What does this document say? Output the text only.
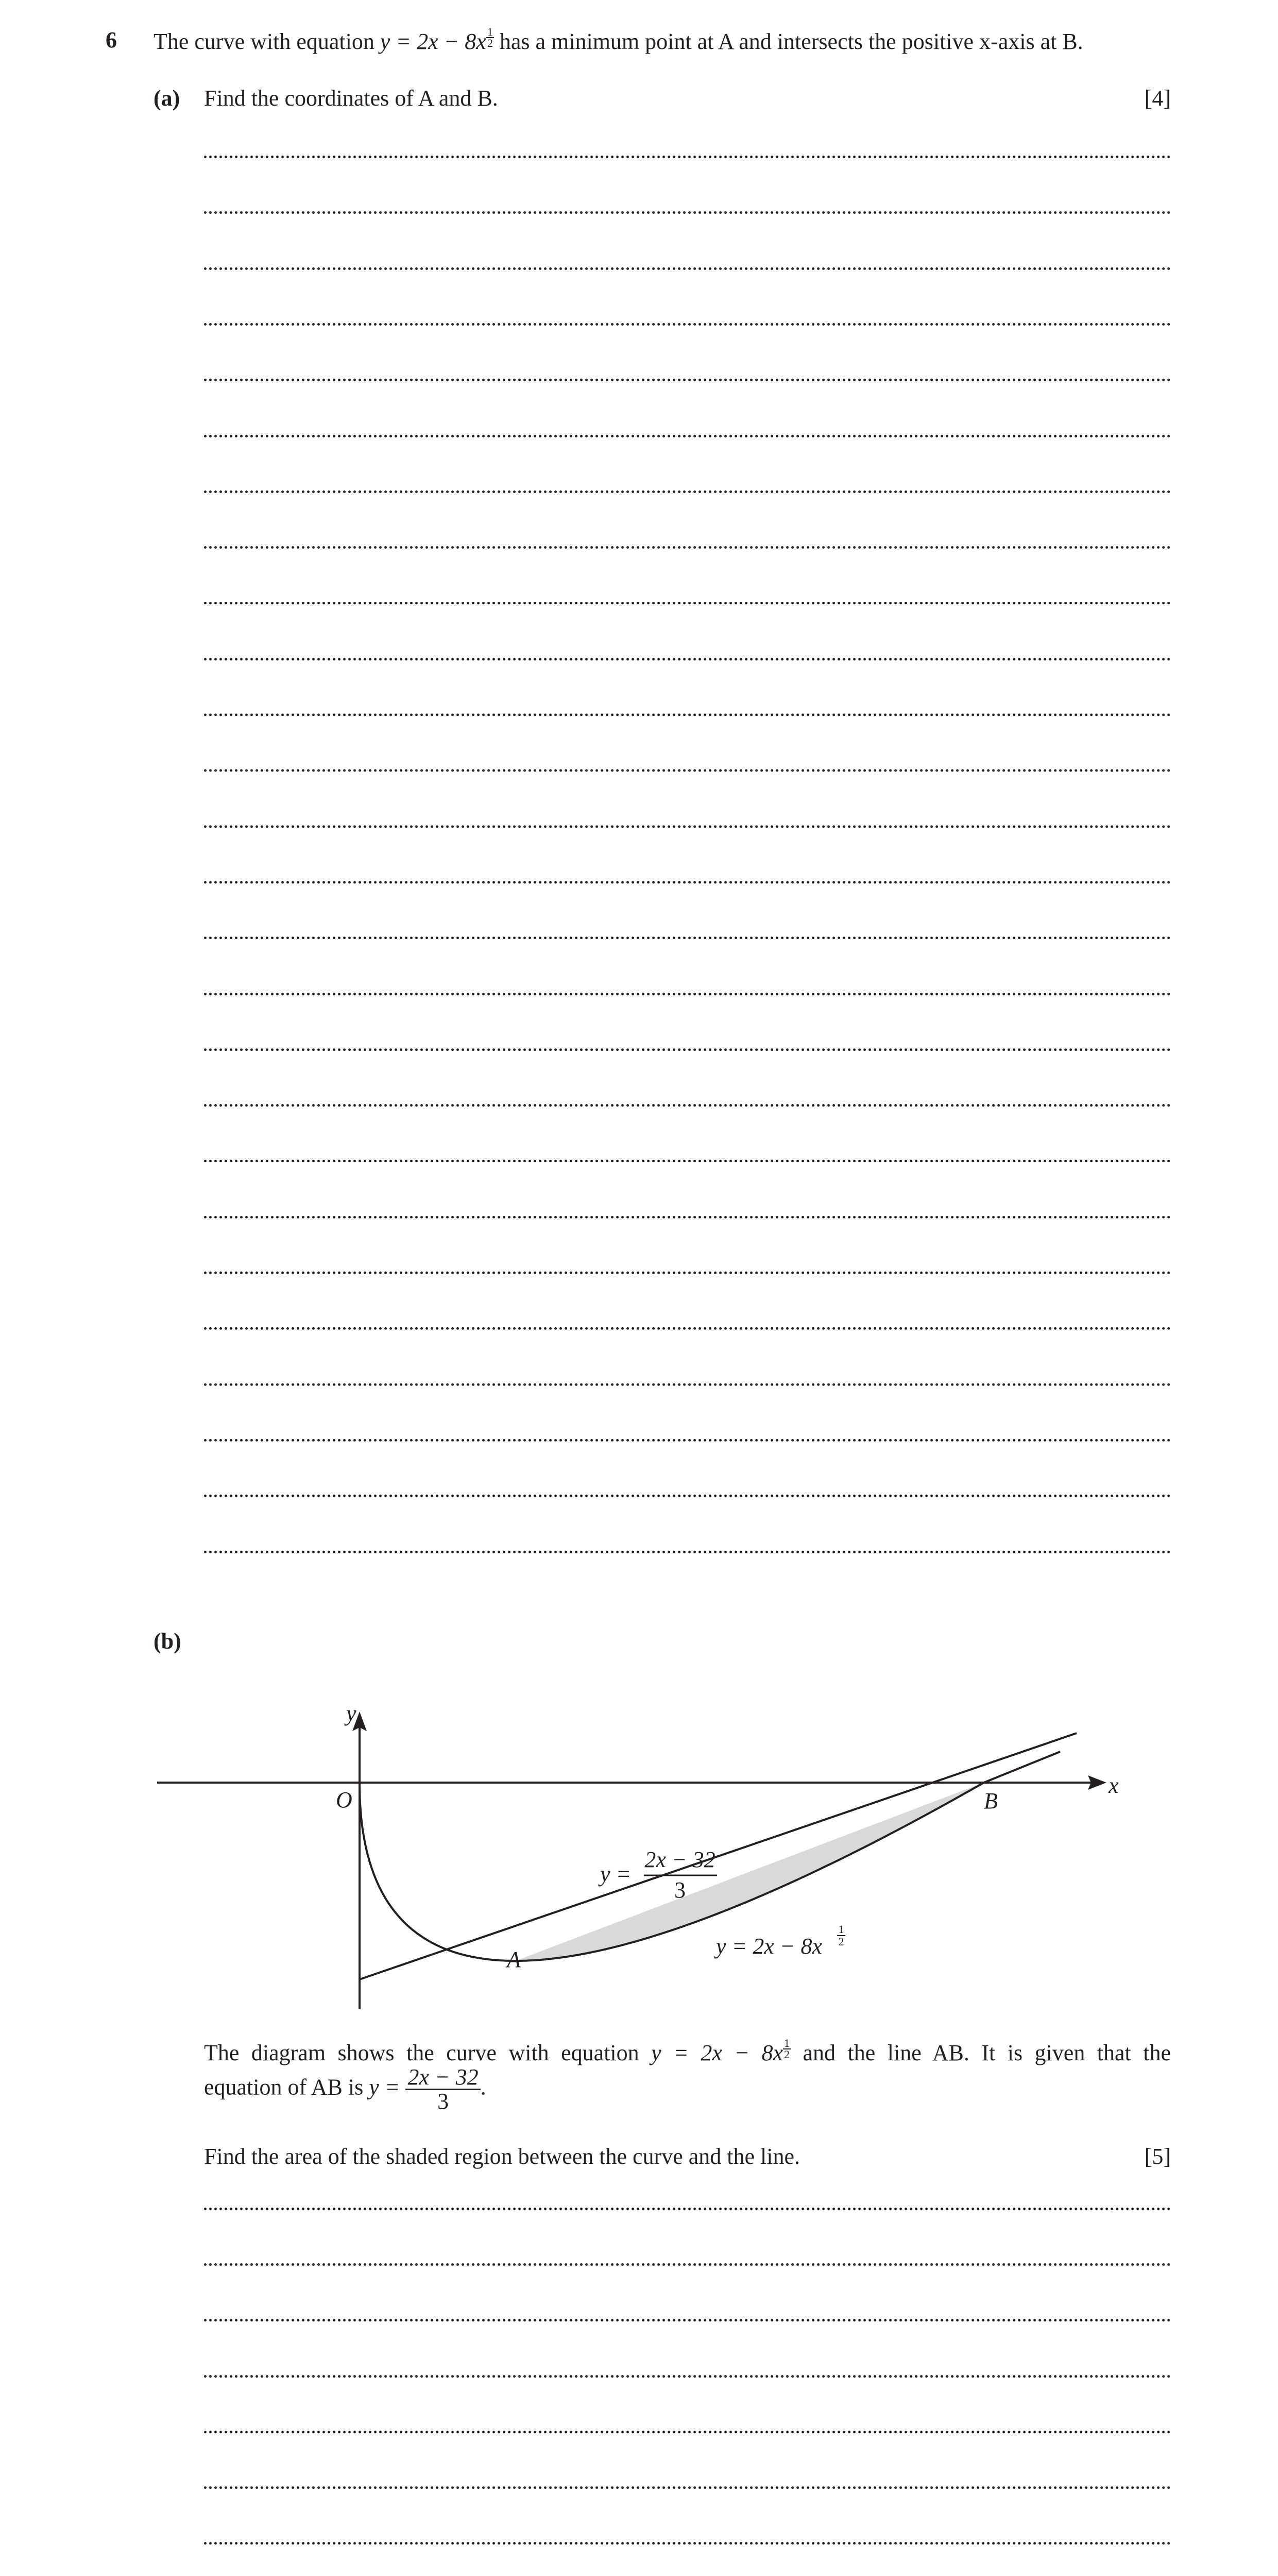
6 The curve with equation y = 2x − 8x $^{\frac{1}{2}}$ has a minimum point at A and intersects the positive x-axis at B.
(a) Find the coordinates of A and B.	[4]
(b)
y
x
O
A
B
y =
2x − 32
3
y = 2x − 8x
1
2
The diagram shows the curve with equation y = 2x − 8x $^{\frac{1}{2}}$ and the line AB. It is given that the
equation of AB is $y = \frac{2x - 32}{3}$ .
Find the area of the shaded region between the curve and the line.	[5]
